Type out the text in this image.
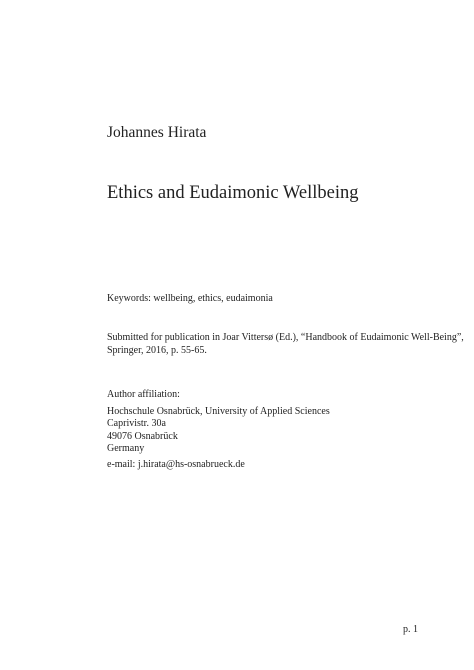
Johannes Hirata
Ethics and Eudaimonic Wellbeing
Keywords: wellbeing, ethics, eudaimonia
Submitted for publication in Joar Vittersø (Ed.), “Handbook of Eudaimonic Well-Being”,
Springer, 2016, p. 55-65.
Author affiliation:
Hochschule Osnabrück, University of Applied Sciences
Caprivistr. 30a
49076 Osnabrück
Germany
e-mail: j.hirata@hs-osnabrueck.de
p. 1
